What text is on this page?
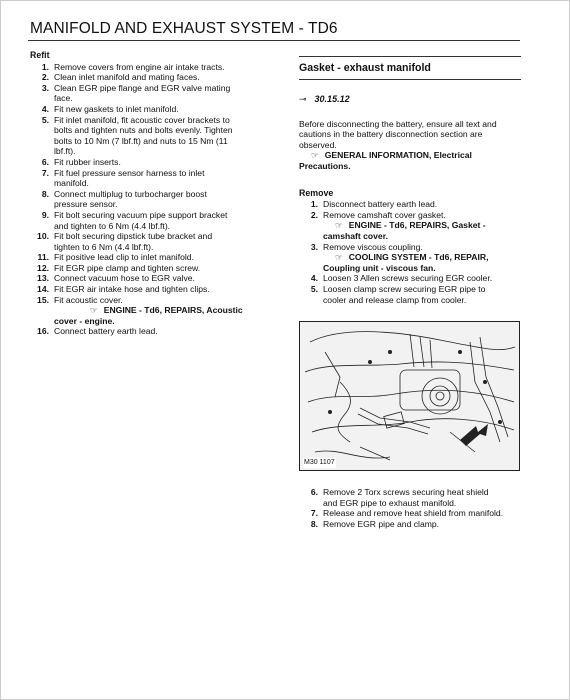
MANIFOLD AND EXHAUST SYSTEM - TD6
Refit
1. Remove covers from engine air intake tracts.
2. Clean inlet manifold and mating faces.
3. Clean EGR pipe flange and EGR valve mating
face.
4. Fit new gaskets to inlet manifold.
5. Fit inlet manifold, fit acoustic cover brackets to
bolts and tighten nuts and bolts evenly. Tighten
bolts to 10 Nm (7 lbf.ft) and nuts to 15 Nm (11
lbf.ft).
6. Fit rubber inserts.
7. Fit fuel pressure sensor harness to inlet
manifold.
8. Connect multiplug to turbocharger boost
pressure sensor.
9. Fit bolt securing vacuum pipe support bracket
and tighten to 6 Nm (4.4 lbf.ft).
10. Fit bolt securing dipstick tube bracket and
tighten to 6 Nm (4.4 lbf.ft).
11. Fit positive lead clip to inlet manifold.
12. Fit EGR pipe clamp and tighten screw.
13. Connect vacuum hose to EGR valve.
14. Fit EGR air intake hose and tighten clips.
15. Fit acoustic cover.
☞ ENGINE - Td6, REPAIRS, Acoustic
cover - engine.
16. Connect battery earth lead.
Gasket - exhaust manifold
⊸ 30.15.12
Before disconnecting the battery, ensure all text and
cautions in the battery disconnection section are
observed.
☞ GENERAL INFORMATION, Electrical
Precautions.
Remove
1. Disconnect battery earth lead.
2. Remove camshaft cover gasket.
☞ ENGINE - Td6, REPAIRS, Gasket -
camshaft cover.
3. Remove viscous coupling.
☞ COOLING SYSTEM - Td6, REPAIR,
Coupling unit - viscous fan.
4. Loosen 3 Allen screws securing EGR cooler.
5. Loosen clamp screw securing EGR pipe to
cooler and release clamp from cooler.
M30 1107
6. Remove 2 Torx screws securing heat shield
and EGR pipe to exhaust manifold.
7. Release and remove heat shield from manifold.
8. Remove EGR pipe and clamp.
